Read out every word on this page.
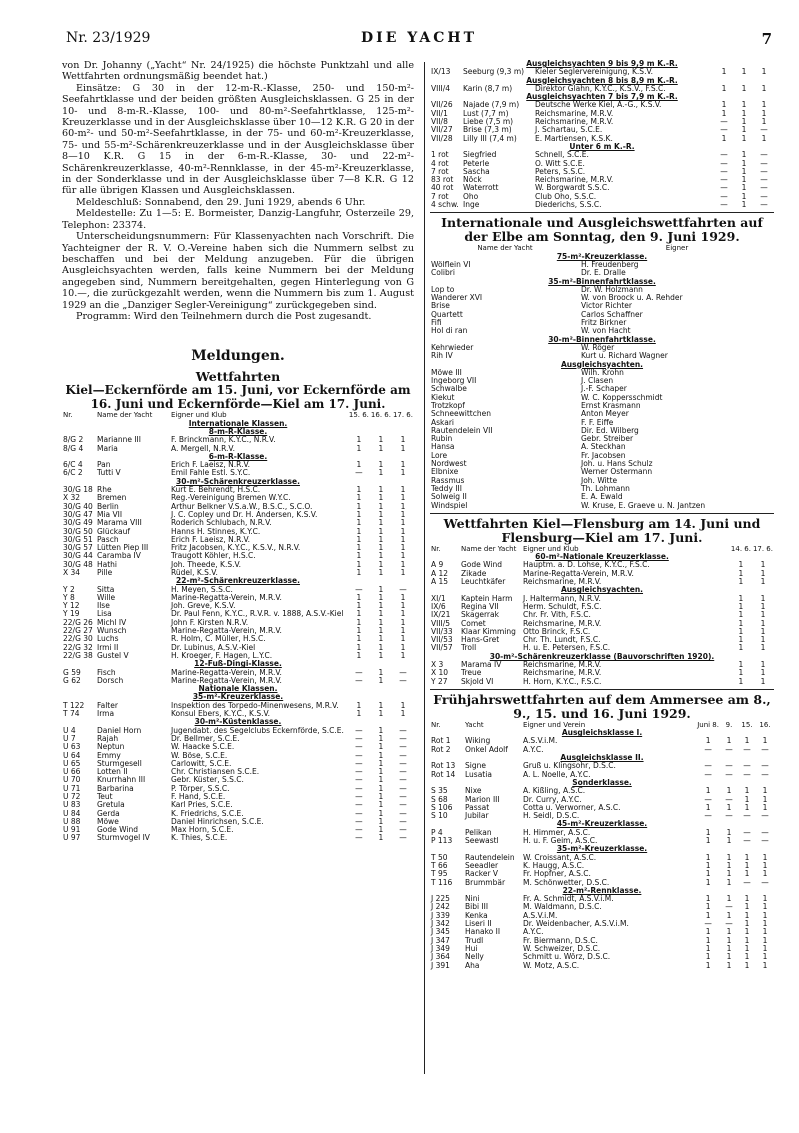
Nr. 23/1929	DIE YACHT	7

von Dr. Johanny („Yacht“ Nr. 24/1925) die höchste Punktzahl und alle Wettfahrten ordnungsmäßig beendet hat.)

Einsätze: G 30 in der 12-m-R.-Klasse, 250- und 150-m²-Seefahrtklasse und der beiden größten Ausgleichsklassen. G 25 in der 10- und 8-m-R.-Klasse, 100- und 80-m²-Seefahrtklasse, 125-m²-Kreuzerklasse und in der Ausgleichsklasse über 10—12 K.R. G 20 in der 60-m²- und 50-m²-Seefahrtklasse, in der 75- und 60-m²-Kreuzerklasse, 75- und 55-m²-Schärenkreuzerklasse und in der Ausgleichsklasse über 8—10 K.R. G 15 in der 6-m-R.-Klasse, 30- und 22-m²-Schärenkreuzerklasse, 40-m²-Rennklasse, in der 45-m²-Kreuzerklasse, in der Sonderklasse und in der Ausgleichsklasse über 7—8 K.R. G 12 für alle übrigen Klassen und Ausgleichsklassen.

Meldeschluß: Sonnabend, den 29. Juni 1929, abends 6 Uhr.

Meldestelle: Zu 1—5: E. Bormeister, Danzig-Langfuhr, Osterzeile 29, Telephon: 23374.

Unterscheidungsnummern: Für Klassenyachten nach Vorschrift. Die Yachteigner der R. V. O.-Vereine haben sich die Nummern selbst zu beschaffen und bei der Meldung anzugeben. Für die übrigen Ausgleichsyachten werden, falls keine Nummern bei der Meldung angegeben sind, Nummern bereitgehalten, gegen Hinterlegung von G 10.—, die zurückgezahlt werden, wenn die Nummern bis zum 1. August 1929 an die „Danziger Segler-Vereinigung“ zurückgegeben sind.

Programm: Wird den Teilnehmern durch die Post zugesandt.

Meldungen.
Wettfahrten
Kiel—Eckernförde am 15. Juni, vor Eckernförde am 16. Juni und Eckernförde—Kiel am 17. Juni.
Nr.	Name der Yacht	Eigner und Klub	15. 6.	16. 6.	17. 6.
Internationale Klassen.					
8-m-R-Klasse.					
8/G 2	Marianne III	F. Brinckmann, K.Y.C., N.R.V.	1	1	1
8/G 4	Maria	A. Mergell, N.R.V.	1	1	1
6-m-R-Klasse.					
6/C 4	Pan	Erich F. Laeisz, N.R.V.	1	1	1
6/C 2	Tutti V	Emil Fahle Estl. S.Y.C.	—	1	1
30-m²-Schärenkreuzerklasse.					
30/G 18	Rhe	Kurt E. Behrendt, H.S.C.	1	1	1
X 32	Bremen	Reg.-Vereinigung Bremen W.Y.C.	1	1	1
30/G 40	Berlin	Arthur Belkner V.S.a.W., B.S.C., S.C.O.	1	1	1
30/G 47	Mia VII	J. C. Copley und Dr. H. Andersen, K.S.V.	1	1	1
30/G 49	Marama VIII	Roderich Schlubach, N.R.V.	1	1	1
30/G 50	Glückauf	Hanns H. Stinnes, K.Y.C.	1	1	1
30/G 51	Pasch	Erich F. Laeisz, N.R.V.	1	1	1
30/G 57	Lütten Piep III	Fritz Jacobsen, K.Y.C., K.S.V., N.R.V.	1	1	1
30/G 44	Caramba IV	Traugott Köhler, H.S.C.	1	1	1
30/G 48	Hathi	Joh. Theede, K.S.V.	1	1	1
X 34	Pille	Rüdel, K.S.V.	1	1	1
22-m²-Schärenkreuzerklasse.					
Y 2	Sitta	H. Meyen, S.S.C.	—	1	—
Y 8	Wille	Marine-Regatta-Verein, M.R.V.	1	1	1
Y 12	Ilse	Joh. Greve, K.S.V.	1	1	1
Y 19	Lisa	Dr. Paul Fenn, K.Y.C., R.V.R. v. 1888, A.S.V.-Kiel	1	1	1
22/G 26	Michl IV	John F. Kirsten N.R.V.	1	1	1
22/G 27	Wunsch	Marine-Regatta-Verein, M.R.V.	1	1	1
22/G 30	Luchs	R. Holm, C. Müller, H.S.C.	1	1	1
22/G 32	Irmi II	Dr. Lubinus, A.S.V.-Kiel	1	1	1
22/G 38	Gustel V	H. Kroeger, F. Hagen, L.Y.C.	1	1	1
12-Fuß-Dingi-Klasse.					
G 59	Fisch	Marine-Regatta-Verein, M.R.V.	—	1	—
G 62	Dorsch	Marine-Regatta-Verein, M.R.V.	—	1	—
Nationale Klassen.					
35-m²-Kreuzerklasse.					
T 122	Falter	Inspektion des Torpedo-Minenwesens, M.R.V.	1	1	1
T 74	Irma	Konsul Ebers, K.Y.C., K.S.V.	1	1	1
30-m²-Küstenklasse.					
U 4	Daniel Horn	Jugendabt. des Segelclubs Eckernförde, S.C.E.	—	1	—
U 7	Rajah	Dr. Bellmer, S.C.E.	—	1	—
U 63	Neptun	W. Haacke S.C.E.	—	1	—
U 64	Emmy	W. Böse, S.C.E.	—	1	—
U 65	Sturmgesell	Carlowitt, S.C.E.	—	1	—
U 66	Lotten II	Chr. Christiansen S.C.E.	—	1	—
U 70	Knurrhahn III	Gebr. Küster, S.S.C.	—	1	—
U 71	Barbarina	P. Törper, S.S.C.	—	1	—
U 72	Teut	F. Hand, S.C.E.	—	1	—
U 83	Gretula	Karl Pries, S.C.E.	—	1	—
U 84	Gerda	K. Friedrichs, S.C.E.	—	1	—
U 88	Möwe	Daniel Hinrichsen, S.C.E.	—	1	—
U 91	Gode Wind	Max Horn, S.C.E.	—	1	—
U 97	Sturmvogel IV	K. Thies, S.C.E.	—	1	—
Ausgleichsyachten 9 bis 9,9 m K.-R.					
IX/13	Seeburg (9,3 m)	Kieler Seglervereinigung, K.S.V.	1	1	1
Ausgleichsyachten 8 bis 8,9 m K.-R.					
VIII/4	Karin (8,7 m)	Direktor Glahn, K.Y.C., K.S.V., F.S.C.	1	1	1
Ausgleichsyachten 7 bis 7,9 m K.-R.					
VII/26	Najade (7,9 m)	Deutsche Werke Kiel, A.-G., K.S.V.	1	1	1
VII/1	Lust (7,7 m)	Reichsmarine, M.R.V.	1	1	1
VII/8	Liebe (7,5 m)	Reichsmarine, M.R.V.	—	1	1
VII/27	Brise (7,3 m)	J. Schartau, S.C.E.	—	1	—
VII/28	Lilly III (7,4 m)	E. Martiensen, K.S.K.	1	1	1
Unter 6 m K.-R.					
1 rot	Siegfried	Schnell, S.C.E.	—	1	—
4 rot	Peterle	O. Witt S.C.E.	—	1	—
7 rot	Sascha	Peters, S.S.C.	—	1	—
83 rot	Nöck	Reichsmarine, M.R.V.	—	1	—
40 rot	Waterrott	W. Borgwardt S.S.C.	—	1	—
7 rot	Oho	Club Oho, S.S.C.	—	1	—
4 schw.	Inge	Diederichs, S.S.C.	—	1	—
Internationale und Ausgleichswettfahrten auf der Elbe am Sonntag, den 9. Juni 1929.
Name der Yacht	Eigner
75-m²-Kreuzerklasse.	
Wölflein VI	H. Freudenberg
Colibri	Dr. E. Dralle
35-m²-Binnenfahrtklasse.	
Lop to	Dr. W. Holzmann
Wanderer XVI	W. von Broock u. A. Rehder
Brise	Victor Richter
Quartett	Carlos Schaffner
Fifi	Fritz Birkner
Hol di ran	W. von Hacht
30-m²-Binnenfahrtklasse.	
Kehrwieder	W. Röger
Rih IV	Kurt u. Richard Wagner
Ausgleichsyachten.	
Möwe III	Wilh. Krohn
Ingeborg VII	J. Clasen
Schwalbe	J.-F. Schaper
Kiekut	W. C. Koppersschmidt
Trotzkopf	Ernst Krasmann
Schneewittchen	Anton Meyer
Askari	F. F. Eiffe
Rautendelein VII	Dir. Ed. Wilberg
Rubin	Gebr. Streiber
Hansa	A. Steckhan
Lore	Fr. Jacobsen
Nordwest	Joh. u. Hans Schulz
Elbnixe	Werner Ostermann
Rassmus	Joh. Witte
Teddy III	Th. Lohmann
Solweig II	E. A. Ewald
Windspiel	W. Kruse, E. Graeve u. N. Jantzen
Wettfahrten Kiel—Flensburg am 14. Juni und Flensburg—Kiel am 17. Juni.
Nr.	Name der Yacht	Eigner und Klub	14. 6.	17. 6.
60-m²-Nationale Kreuzerklasse.				
A 9	Gode Wind	Hauptm. a. D. Lohse, K.Y.C., F.S.C.	1	1
A 12	Zikade	Marine-Regatta-Verein, M.R.V.	1	1
A 15	Leuchtkäfer	Reichsmarine, M.R.V.	1	1
Ausgleichsyachten.				
XI/1	Kaptein Harm	J. Haltermann, N.R.V.	1	1
IX/6	Regina VII	Herm. Schuldt, F.S.C.	1	1
IX/21	Skagerrak	Chr. Fr. Vith, F.S.C.	1	1
VIII/5	Comet	Reichsmarine, M.R.V.	1	1
VII/33	Klaar Kimming	Otto Brinck, F.S.C.	1	1
VII/53	Hans-Gret	Chr. Th. Lundt, F.S.C.	1	1
VII/57	Troll	H. u. E. Petersen, F.S.C.	1	1
30-m²-Schärenkreuzerklasse (Bauvorschriften 1920).				
X 3	Marama IV	Reichsmarine, M.R.V.	1	1
X 10	Treue	Reichsmarine, M.R.V.	1	1
Y 27	Skjold VI	H. Horn, K.Y.C., F.S.C.	1	1
Frühjahrswettfahrten auf dem Ammersee am 8., 9., 15. und 16. Juni 1929.
Nr.	Yacht	Eigner und Verein	Juni 8.	9.	15.	16.
Ausgleichsklasse I.						
Rot 1	Wiking	A.S.V.i.M.	1	1	1	1
Rot 2	Onkel Adolf	A.Y.C.	—	—	—	—
Ausgleichsklasse II.						
Rot 13	Signe	Gruß u. Klingsohr, D.S.C.	—	—	—	—
Rot 14	Lusatia	A. L. Noelle, A.Y.C.	—	—	—	—
Sonderklasse.						
S 35	Nixe	A. Kißling, A.S.C.	1	1	1	1
S 68	Marion III	Dr. Curry, A.Y.C.	—	—	1	1
S 106	Passat	Cotta u. Verworner, A.S.C.	1	1	1	1
S 10	Jubilar	H. Seidl, D.S.C.	—	—	—	—
45-m²-Kreuzerklasse.						
P 4	Pelikan	H. Himmer, A.S.C.	1	1	—	—
P 113	Seewastl	H. u. F. Geim, A.S.C.	1	1	—	—
35-m²-Kreuzerklasse.						
T 50	Rautendelein	W. Croissant, A.S.C.	1	1	1	1
T 66	Seeadler	K. Haugg, A.S.C.	1	1	1	1
T 95	Racker V	Fr. Hopfner, A.S.C.	1	1	1	1
T 116	Brummbär	M. Schönwetter, D.S.C.	1	1	—	—
22-m²-Rennklasse.						
J 225	Nini	Fr. A. Schmidt, A.S.V.i.M.	1	1	1	1
J 242	Bibi III	M. Waldmann, D.S.C.	1	—	1	1
J 339	Kenka	A.S.V.i.M.	1	1	1	1
J 342	Liseri II	Dr. Weidenbacher, A.S.V.i.M.	—	—	1	1
J 345	Hanako II	A.Y.C.	1	1	1	1
J 347	Trudl	Fr. Biermann, D.S.C.	1	1	1	1
J 349	Hui	W. Schweizer, D.S.C.	1	1	1	1
J 364	Nelly	Schmitt u. Wörz, D.S.C.	1	1	1	1
J 391	Aha	W. Motz, A.S.C.	1	1	1	1
